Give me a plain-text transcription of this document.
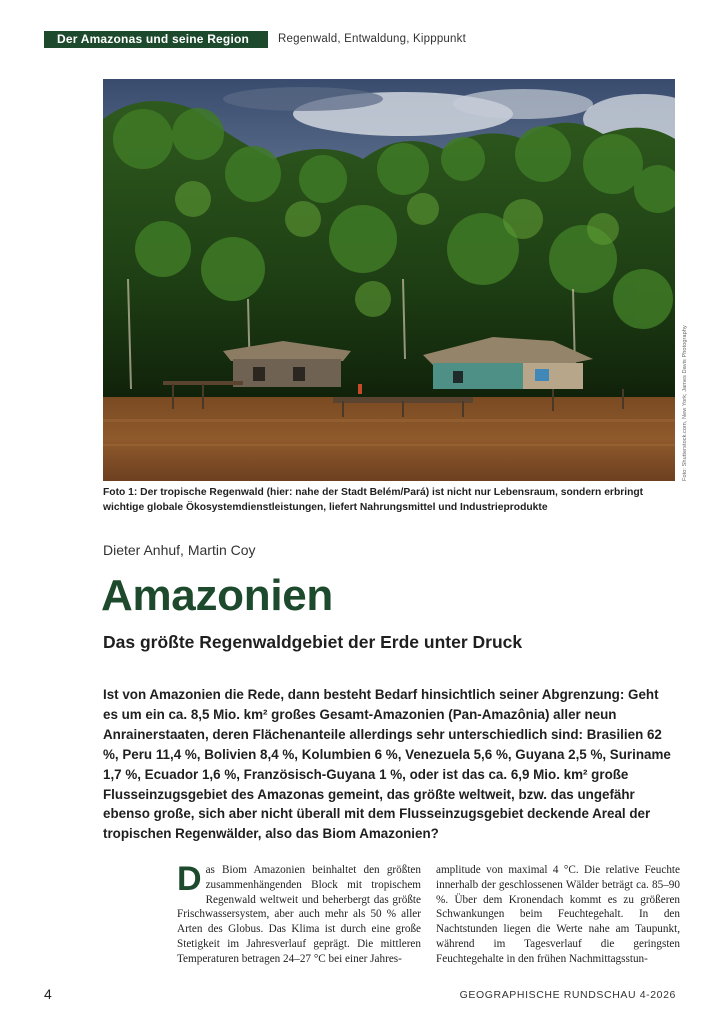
Der Amazonas und seine Region	Regenwald, Entwaldung, Kipppunkt
Foto: Shutterstock.com, New York; James Davis Photography
Foto 1: Der tropische Regenwald (hier: nahe der Stadt Belém/Pará) ist nicht nur Lebensraum, sondern erbringt wichtige globale Ökosystemdienstleistungen, liefert Nahrungsmittel und Industrieprodukte
Dieter Anhuf, Martin Coy
Amazonien
Das größte Regenwaldgebiet der Erde unter Druck
Ist von Amazonien die Rede, dann besteht Bedarf hinsichtlich seiner Abgrenzung: Geht es um ein ca. 8,5 Mio. km² großes Gesamt-Amazonien (Pan-Amazônia) aller neun Anrainerstaaten, deren Flächenanteile allerdings sehr unterschiedlich sind: Brasilien 62 %, Peru 11,4 %, Bolivien 8,4 %, Kolumbien 6 %, Venezuela 5,6 %, Guyana 2,5 %, Suriname 1,7 %, Ecuador 1,6 %, Französisch-Guyana 1 %, oder ist das ca. 6,9 Mio. km² große Flusseinzugsgebiet des Amazonas gemeint, das größte weltweit, bzw. das ungefähr ebenso große, sich aber nicht überall mit dem Flusseinzugsgebiet deckende Areal der tropischen Regenwälder, also das Biom Amazonien?
D as Biom Amazonien beinhaltet den größten zusammenhängenden Block mit tropischem Regenwald weltweit und beherbergt das größte Frischwassersystem, aber auch mehr als 50 % aller Arten des Globus. Das Klima ist durch eine große Stetigkeit im Jahresverlauf geprägt. Die mittleren Temperaturen betragen 24–27 °C bei einer Jahres-

amplitude von maximal 4 °C. Die relative Feuchte innerhalb der geschlossenen Wälder beträgt ca. 85–90 %. Über dem Kronendach kommt es zu größeren Schwankungen beim Feuchtegehalt. In den Nachtstunden liegen die Werte nahe am Taupunkt, während im Tagesverlauf die geringsten Feuchtegehalte in den frühen Nachmittagsstun-

4	GEOGRAPHISCHE RUNDSCHAU 4-2026
